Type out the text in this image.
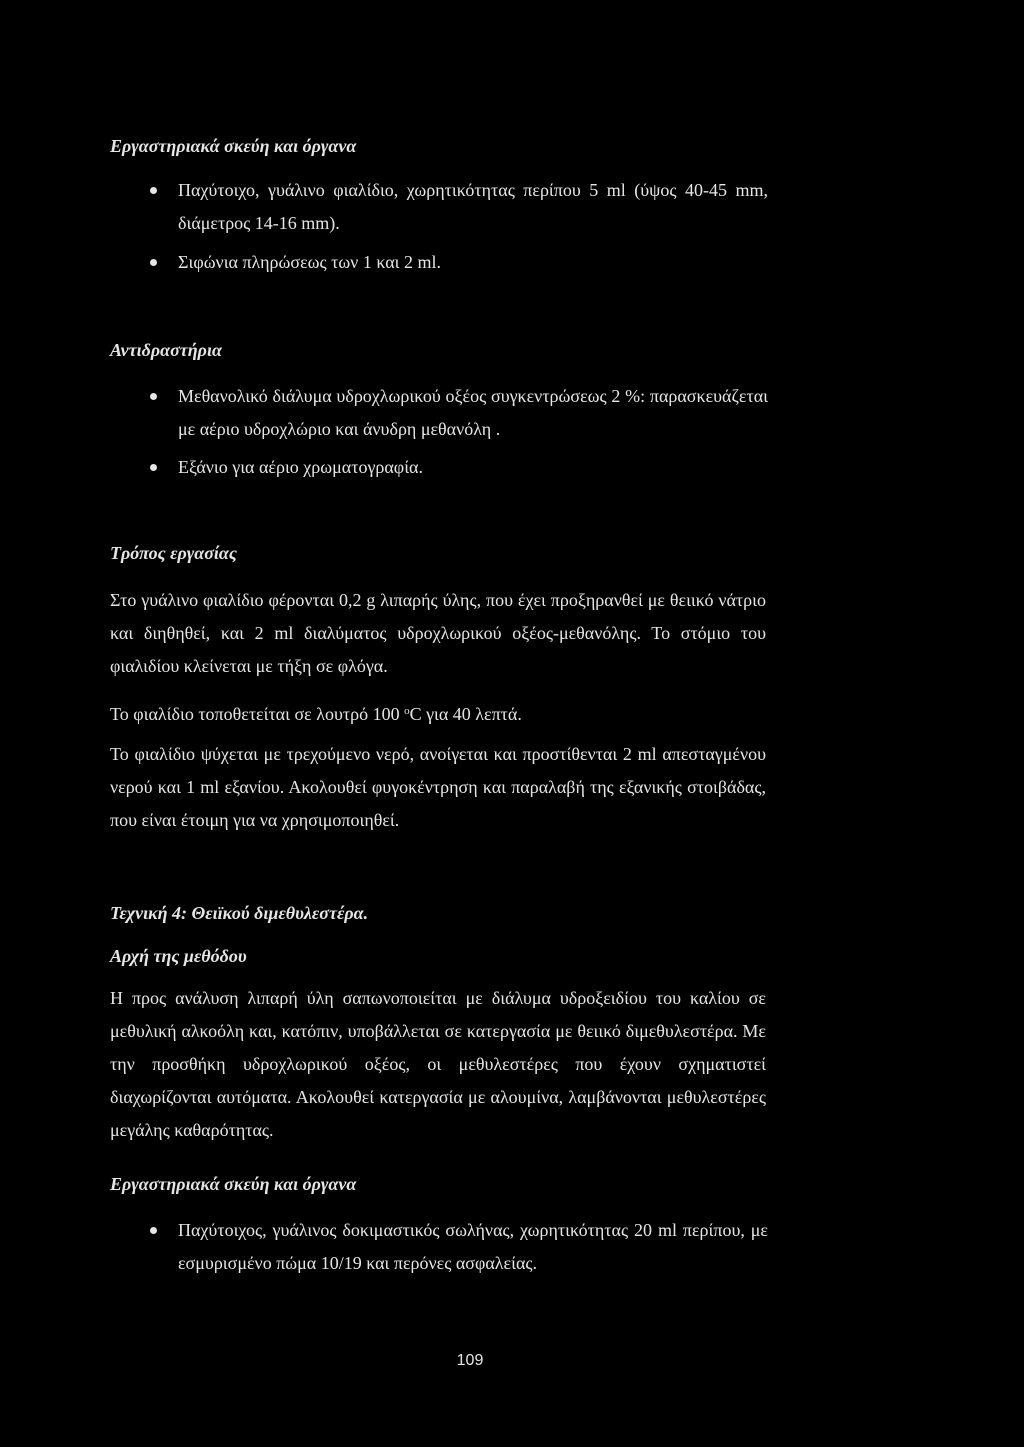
Εργαστηριακά σκεύη και όργανα

Παχύτοιχο, γυάλινο φιαλίδιο, χωρητικότητας περίπου 5 ml (ύψος 40-45 mm, διάμετρος 14-16 mm).

Σιφώνια πληρώσεως των 1 και 2 ml.

Αντιδραστήρια

Μεθανολικό διάλυμα υδροχλωρικού οξέος συγκεντρώσεως 2 %: παρασκευάζεται με αέριο υδροχλώριο και άνυδρη μεθανόλη .

Εξάνιο για αέριο χρωματογραφία.

Τρόπος εργασίας

Στο γυάλινο φιαλίδιο φέρονται 0,2 g λιπαρής ύλης, που έχει προξηρανθεί με θειικό νάτριο και διηθηθεί, και 2 ml διαλύματος υδροχλωρικού οξέος-μεθανόλης. Το στόμιο του φιαλιδίου κλείνεται με τήξη σε φλόγα.

Το φιαλίδιο τοποθετείται σε λουτρό 100 $^o$C για 40 λεπτά.

Το φιαλίδιο ψύχεται με τρεχούμενο νερό, ανοίγεται και προστίθενται 2 ml απεσταγμένου νερού και 1 ml εξανίου. Ακολουθεί φυγοκέντρηση και παραλαβή της εξανικής στοιβάδας, που είναι έτοιμη για να χρησιμοποιηθεί.

Τεχνική 4: Θειϊκού διμεθυλεστέρα.

Αρχή της μεθόδου

Η προς ανάλυση λιπαρή ύλη σαπωνοποιείται με διάλυμα υδροξειδίου του καλίου σε μεθυλική αλκοόλη και, κατόπιν, υποβάλλεται σε κατεργασία με θειικό διμεθυλεστέρα. Με την προσθήκη υδροχλωρικού οξέος, οι μεθυλεστέρες που έχουν σχηματιστεί διαχωρίζονται αυτόματα. Ακολουθεί κατεργασία με αλουμίνα, λαμβάνονται μεθυλεστέρες μεγάλης καθαρότητας.

Εργαστηριακά σκεύη και όργανα

Παχύτοιχος, γυάλινος δοκιμαστικός σωλήνας, χωρητικότητας 20 ml περίπου, με εσμυρισμένο πώμα 10/19 και περόνες ασφαλείας.

109
